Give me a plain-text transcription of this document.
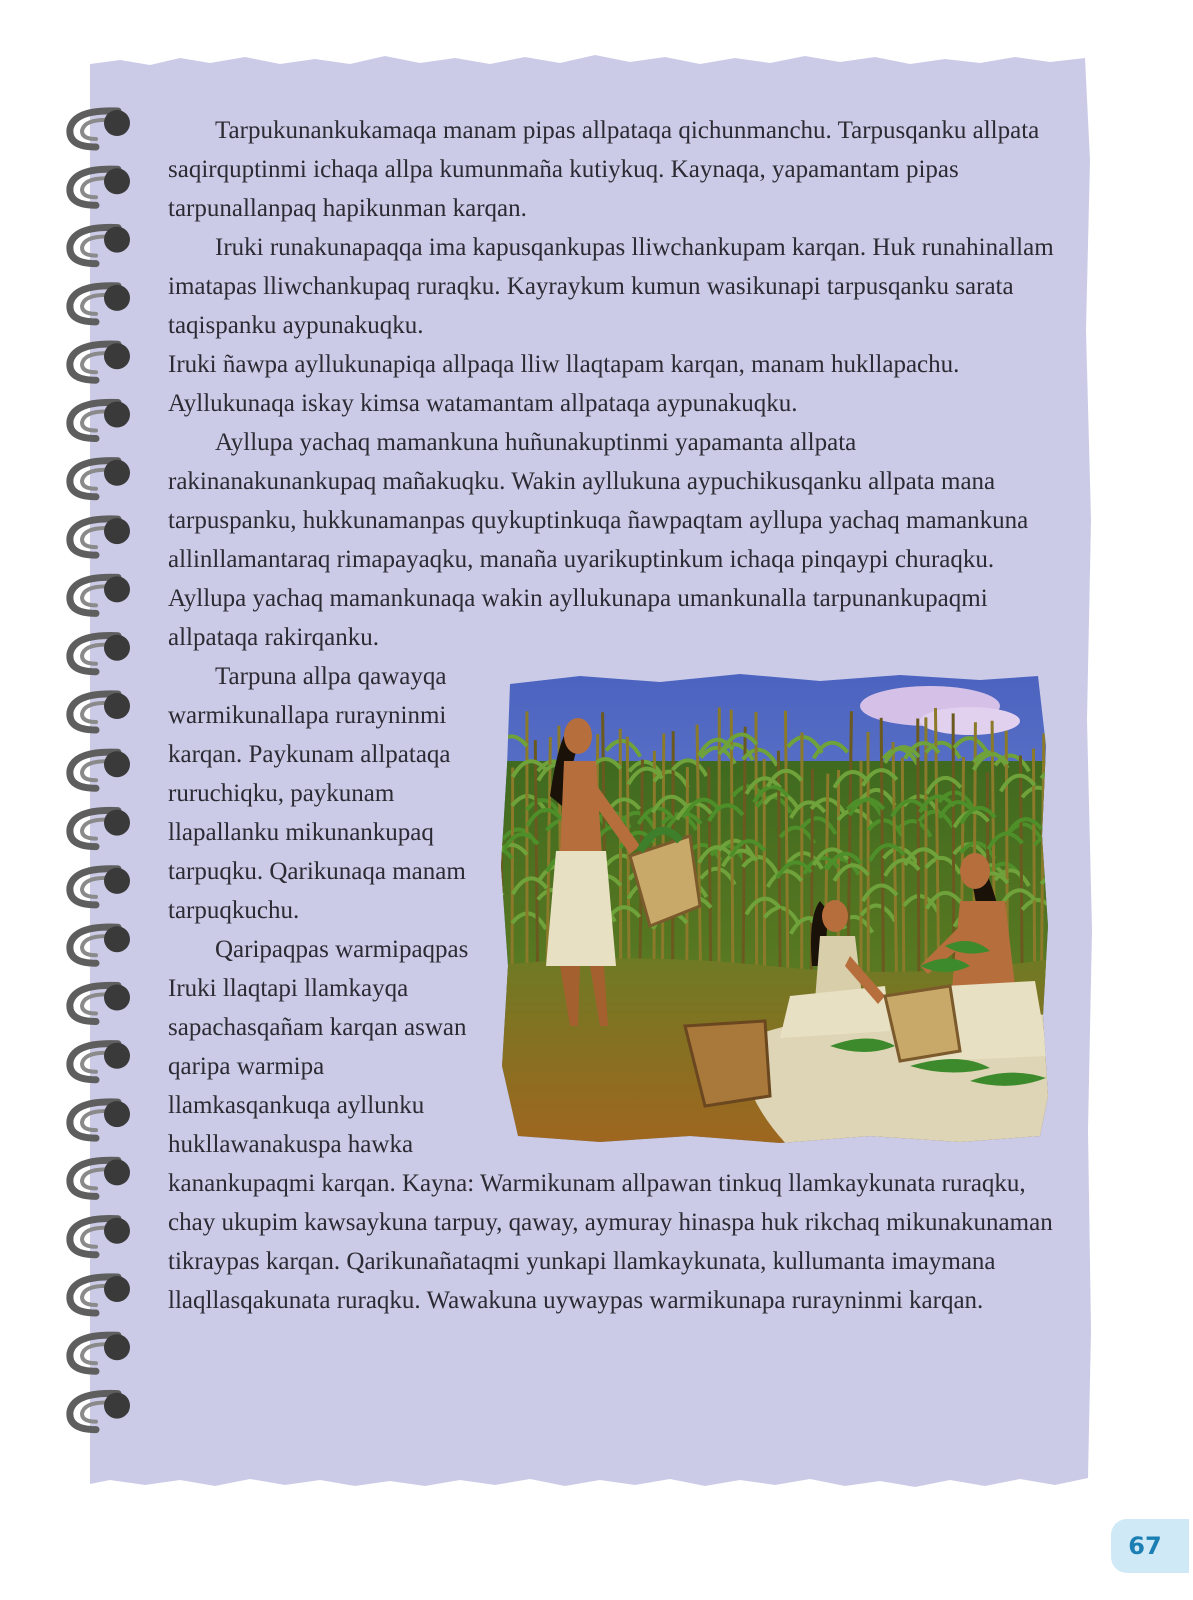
Tarpukunankukamaqa manam pipas allpataqa qichunmanchu. Tarpusqanku allpata saqirquptinmi ichaqa allpa kumunmaña kutiykuq. Kaynaqa, yapamantam pipas tarpunallanpaq hapikunman karqan.

Iruki runakunapaqqa ima kapusqankupas lliwchankupam karqan. Huk runahinallam imatapas lliwchankupaq ruraqku. Kayraykum kumun wasikunapi tarpusqanku sarata taqispanku aypunakuqku.

Iruki ñawpa ayllukunapiqa allpaqa lliw llaqtapam karqan, manam hukllapachu. Ayllukunaqa iskay kimsa watamantam allpataqa aypunakuqku.

Ayllupa yachaq mamankuna huñunakuptinmi yapamanta allpata rakinanakunankupaq mañakuqku. Wakin ayllukuna aypuchikusqanku allpata mana tarpuspanku, hukkunamanpas quykuptinkuqa ñawpaqtam ayllupa yachaq mamankuna allinllamantaraq rimapayaqku, manaña uyarikuptinkum ichaqa pinqaypi churaqku. Ayllupa yachaq mamankunaqa wakin ayllukunapa umankunalla tarpunankupaqmi allpataqa rakirqanku.

Tarpuna allpa qawayqa warmikunallapa rurayninmi karqan. Paykunam allpataqa ruruchiqku, paykunam llapallanku mikunankupaq tarpuqku. Qarikunaqa manam tarpuqkuchu.

Qaripaqpas warmipaqpas Iruki llaqtapi llamkayqa sapachasqañam karqan aswan qaripa warmipa llamkasqankuqa ayllunku hukllawanakuspa hawka kanankupaqmi karqan. Kayna: Warmikunam allpawan tinkuq llamkaykunata ruraqku, chay ukupim kawsaykuna tarpuy, qaway, aymuray hinaspa huk rikchaq mikunakunaman tikraypas karqan. Qarikunañataqmi yunkapi llamkaykunata, kullumanta imaymana llaqllasqakunata ruraqku. Wawakuna uywaypas warmikunapa rurayninmi karqan.

67
